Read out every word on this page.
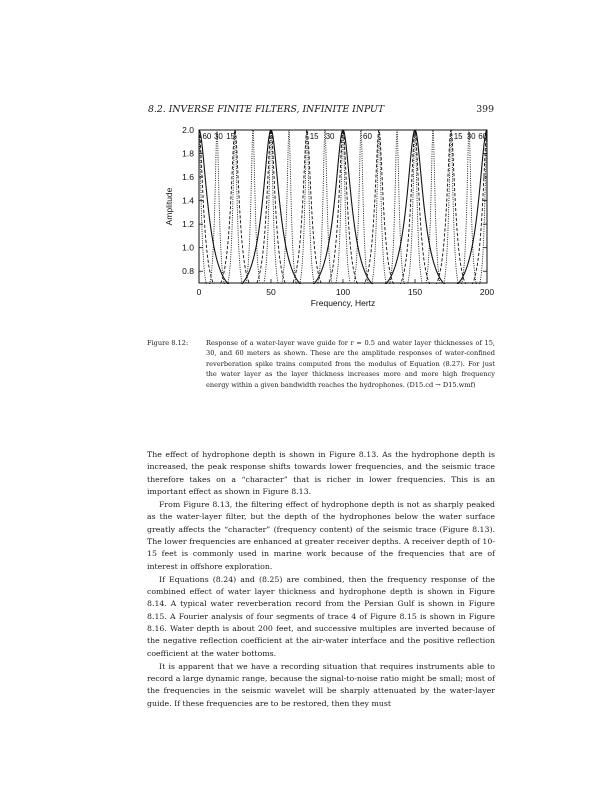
8.2. INVERSE FINITE FILTERS, INFINITE INPUT	399
0	50	100	150	200
0.8
1.0
1.2
1.4
1.6
1.8
2.0
Frequency, Hertz
Amplitude
60 30 15	15 30	60	15 30 60
Figure 8.12:	Response of a water-layer wave guide for r = 0.5 and water layer thicknesses of 15, 30, and 60 meters as shown. These are the amplitude responses of water-confined reverberation spike trains computed from the modulus of Equation (8.27). For just the water layer as the layer thickness increases more and more high frequency energy within a given bandwidth reaches the hydrophones. (D15.cd → D15.wmf)

The effect of hydrophone depth is shown in Figure 8.13. As the hydrophone depth is increased, the peak response shifts towards lower frequencies, and the seismic trace therefore takes on a “character” that is richer in lower frequencies. This is an important effect as shown in Figure 8.13.

From Figure 8.13, the filtering effect of hydrophone depth is not as sharply peaked as the water-layer filter, but the depth of the hydrophones below the water surface greatly affects the “character” (frequency content) of the seismic trace (Figure 8.13). The lower frequencies are enhanced at greater receiver depths. A receiver depth of 10-15 feet is commonly used in marine work because of the frequencies that are of interest in offshore exploration.

If Equations (8.24) and (8.25) are combined, then the frequency response of the combined effect of water layer thickness and hydrophone depth is shown in Figure 8.14. A typical water reverberation record from the Persian Gulf is shown in Figure 8.15. A Fourier analysis of four segments of trace 4 of Figure 8.15 is shown in Figure 8.16. Water depth is about 200 feet, and successive multiples are inverted because of the negative reflection coefficient at the air-water interface and the positive reflection coefficient at the water bottoms.

It is apparent that we have a recording situation that requires instruments able to record a large dynamic range, because the signal-to-noise ratio might be small; most of the frequencies in the seismic wavelet will be sharply attenuated by the water-layer guide. If these frequencies are to be restored, then they must
